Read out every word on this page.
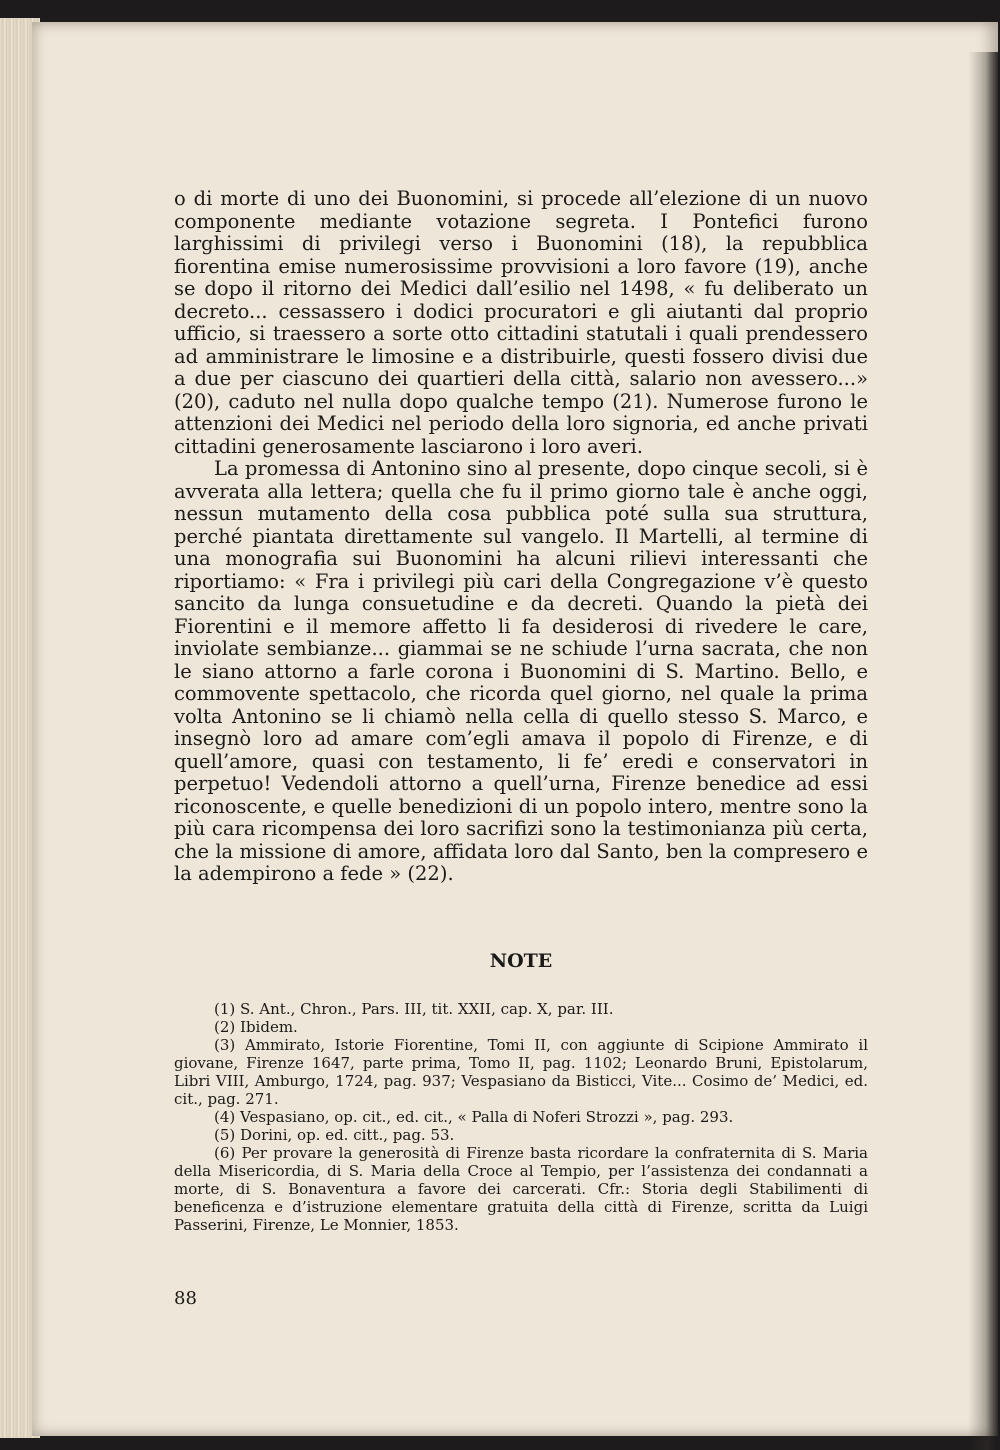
o di morte di uno dei Buonomini, si procede all’elezione di un nuovo componente mediante votazione segreta. I Pontefici furono larghissimi di privilegi verso i Buonomini (18), la repubblica fiorentina emise numerosissime provvisioni a loro favore (19), anche se dopo il ritorno dei Medici dall’esilio nel 1498, « fu deliberato un decreto... cessassero i dodici procuratori e gli aiutanti dal proprio ufficio, si traessero a sorte otto cittadini statutali i quali prendessero ad amministrare le limosine e a distribuirle, questi fossero divisi due a due per ciascuno dei quartieri della città, salario non avessero...» (20), caduto nel nulla dopo qualche tempo (21). Numerose furono le attenzioni dei Medici nel periodo della loro signoria, ed anche privati cittadini generosamente lasciarono i loro averi.

La promessa di Antonino sino al presente, dopo cinque secoli, si è avverata alla lettera; quella che fu il primo giorno tale è anche oggi, nessun mutamento della cosa pubblica poté sulla sua struttura, perché piantata direttamente sul vangelo. Il Martelli, al termine di una monografia sui Buonomini ha alcuni rilievi interessanti che riportiamo: « Fra i privilegi più cari della Congregazione v’è questo sancito da lunga consuetudine e da decreti. Quando la pietà dei Fiorentini e il memore affetto li fa desiderosi di rivedere le care, inviolate sembianze... giammai se ne schiude l’urna sacrata, che non le siano attorno a farle corona i Buonomini di S. Martino. Bello, e commovente spettacolo, che ricorda quel giorno, nel quale la prima volta Antonino se li chiamò nella cella di quello stesso S. Marco, e insegnò loro ad amare com’egli amava il popolo di Firenze, e di quell’amore, quasi con testamento, li fe’ eredi e conservatori in perpetuo! Vedendoli attorno a quell’urna, Firenze benedice ad essi riconoscente, e quelle benedizioni di un popolo intero, mentre sono la più cara ricompensa dei loro sacrifizi sono la testimonianza più certa, che la missione di amore, affidata loro dal Santo, ben la compresero e la adempirono a fede » (22).

NOTE

(1) S. Ant., Chron., Pars. III, tit. XXII, cap. X, par. III.

(2) Ibidem.

(3) Ammirato, Istorie Fiorentine, Tomi II, con aggiunte di Scipione Ammirato il giovane, Firenze 1647, parte prima, Tomo II, pag. 1102; Leonardo Bruni, Epistolarum, Libri VIII, Amburgo, 1724, pag. 937; Vespasiano da Bisticci, Vite... Cosimo de’ Medici, ed. cit., pag. 271.

(4) Vespasiano, op. cit., ed. cit., « Palla di Noferi Strozzi », pag. 293.

(5) Dorini, op. ed. citt., pag. 53.

(6) Per provare la generosità di Firenze basta ricordare la confraternita di S. Maria della Misericordia, di S. Maria della Croce al Tempio, per l’assistenza dei condannati a morte, di S. Bonaventura a favore dei carcerati. Cfr.: Storia degli Stabilimenti di beneficenza e d’istruzione elementare gratuita della città di Firenze, scritta da Luigi Passerini, Firenze, Le Monnier, 1853.

88
